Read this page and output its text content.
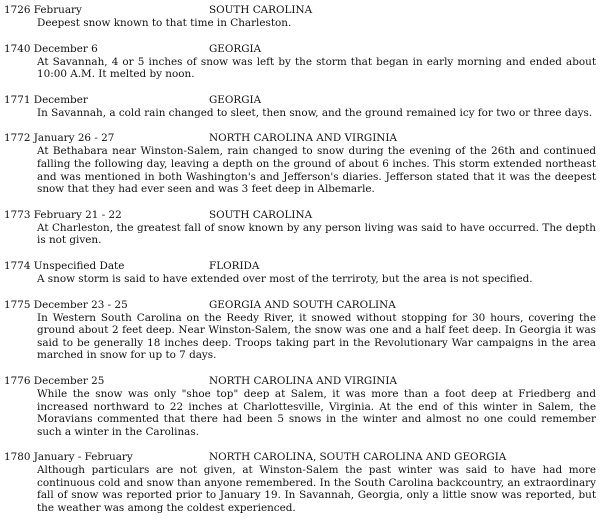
1726 February	SOUTH CAROLINA
Deepest snow known to that time in Charleston.
1740 December 6	GEORGIA
At Savannah, 4 or 5 inches of snow was left by the storm that began in early morning and ended about 10:00 A.M. It melted by noon.
1771 December	GEORGIA
In Savannah, a cold rain changed to sleet, then snow, and the ground remained icy for two or three days.
1772 January 26 - 27	NORTH CAROLINA AND VIRGINIA
At Bethabara near Winston-Salem, rain changed to snow during the evening of the 26th and continued falling the following day, leaving a depth on the ground of about 6 inches. This storm extended northeast and was mentioned in both Washington's and Jefferson's diaries. Jefferson stated that it was the deepest snow that they had ever seen and was 3 feet deep in Albemarle.
1773 February 21 - 22	SOUTH CAROLINA
At Charleston, the greatest fall of snow known by any person living was said to have occurred. The depth is not given.
1774 Unspecified Date	FLORIDA
A snow storm is said to have extended over most of the terriroty, but the area is not specified.
1775 December 23 - 25	GEORGIA AND SOUTH CAROLINA
In Western South Carolina on the Reedy River, it snowed without stopping for 30 hours, covering the ground about 2 feet deep. Near Winston-Salem, the snow was one and a half feet deep. In Georgia it was said to be generally 18 inches deep. Troops taking part in the Revolutionary War campaigns in the area marched in snow for up to 7 days.
1776 December 25	NORTH CAROLINA AND VIRGINIA
While the snow was only "shoe top" deep at Salem, it was more than a foot deep at Friedberg and increased northward to 22 inches at Charlottesville, Virginia. At the end of this winter in Salem, the Moravians commented that there had been 5 snows in the winter and almost no one could remember such a winter in the Carolinas.
1780 January - February	NORTH CAROLINA, SOUTH CAROLINA AND GEORGIA
Although particulars are not given, at Winston-Salem the past winter was said to have had more continuous cold and snow than anyone remembered. In the South Carolina backcountry, an extraordinary fall of snow was reported prior to January 19. In Savannah, Georgia, only a little snow was reported, but the weather was among the coldest experienced.
